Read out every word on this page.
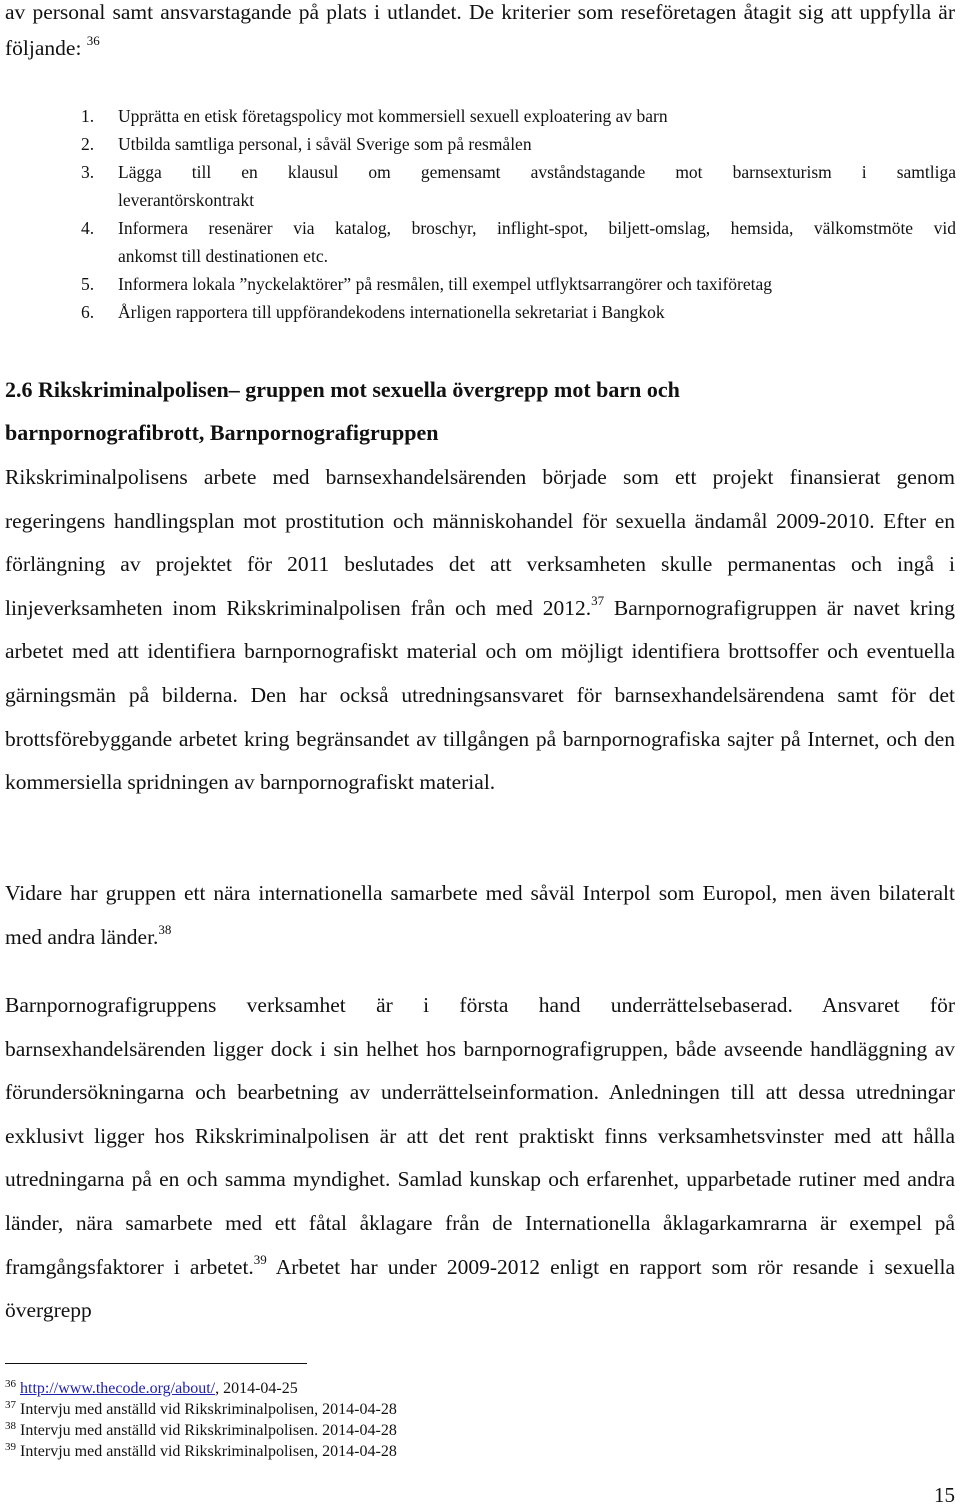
av personal samt ansvarstagande på plats i utlandet. De kriterier som reseföretagen åtagit sig att uppfylla är följande: $^{36}$

1. Upprätta en etisk företagspolicy mot kommersiell sexuell exploatering av barn
2. Utbilda samtliga personal, i såväl Sverige som på resmålen
3. Lägga till en klausul om gemensamt avståndstagande mot barnsexturism i samtliga
leverantörskontrakt
4. Informera resenärer via katalog, broschyr, inflight-spot, biljett-omslag, hemsida, välkomstmöte vid
ankomst till destinationen etc.
5. Informera lokala ”nyckelaktörer” på resmålen, till exempel utflyktsarrangörer och taxiföretag
6. Årligen rapportera till uppförandekodens internationella sekretariat i Bangkok
2.6 Rikskriminalpolisen– gruppen mot sexuella övergrepp mot barn och
barnpornografibrott, Barnpornografigruppen

Rikskriminalpolisens arbete med barnsexhandelsärenden började som ett projekt finansierat genom regeringens handlingsplan mot prostitution och människohandel för sexuella ändamål 2009-2010. Efter en förlängning av projektet för 2011 beslutades det att verksamheten skulle permanentas och ingå i linjeverksamheten inom Rikskriminalpolisen från och med 2012.37 Barnpornografigruppen är navet kring arbetet med att identifiera barnpornografiskt material och om möjligt identifiera brottsoffer och eventuella gärningsmän på bilderna. Den har också utredningsansvaret för barnsexhandelsärendena samt för det brottsförebyggande arbetet kring begränsandet av tillgången på barnpornografiska sajter på Internet, och den kommersiella spridningen av barnpornografiskt material.

Vidare har gruppen ett nära internationella samarbete med såväl Interpol som Europol, men även bilateralt med andra länder.$^{38}$

Barnpornografigruppens verksamhet är i första hand underrättelsebaserad. Ansvaret för barnsexhandelsärenden ligger dock i sin helhet hos barnpornografigruppen, både avseende handläggning av förundersökningarna och bearbetning av underrättelseinformation. Anledningen till att dessa utredningar exklusivt ligger hos Rikskriminalpolisen är att det rent praktiskt finns verksamhetsvinster med att hålla utredningarna på en och samma myndighet. Samlad kunskap och erfarenhet, upparbetade rutiner med andra länder, nära samarbete med ett fåtal åklagare från de Internationella åklagarkamrarna är exempel på framgångsfaktorer i arbetet.$^{39}$ Arbetet har under 2009-2012 enligt en rapport som rör resande i sexuella övergrepp

$^{36}$ http://www.thecode.org/about/, 2014-04-25
$^{37}$ Intervju med anställd vid Rikskriminalpolisen, 2014-04-28
$^{38}$ Intervju med anställd vid Rikskriminalpolisen. 2014-04-28
$^{39}$ Intervju med anställd vid Rikskriminalpolisen, 2014-04-28
15
